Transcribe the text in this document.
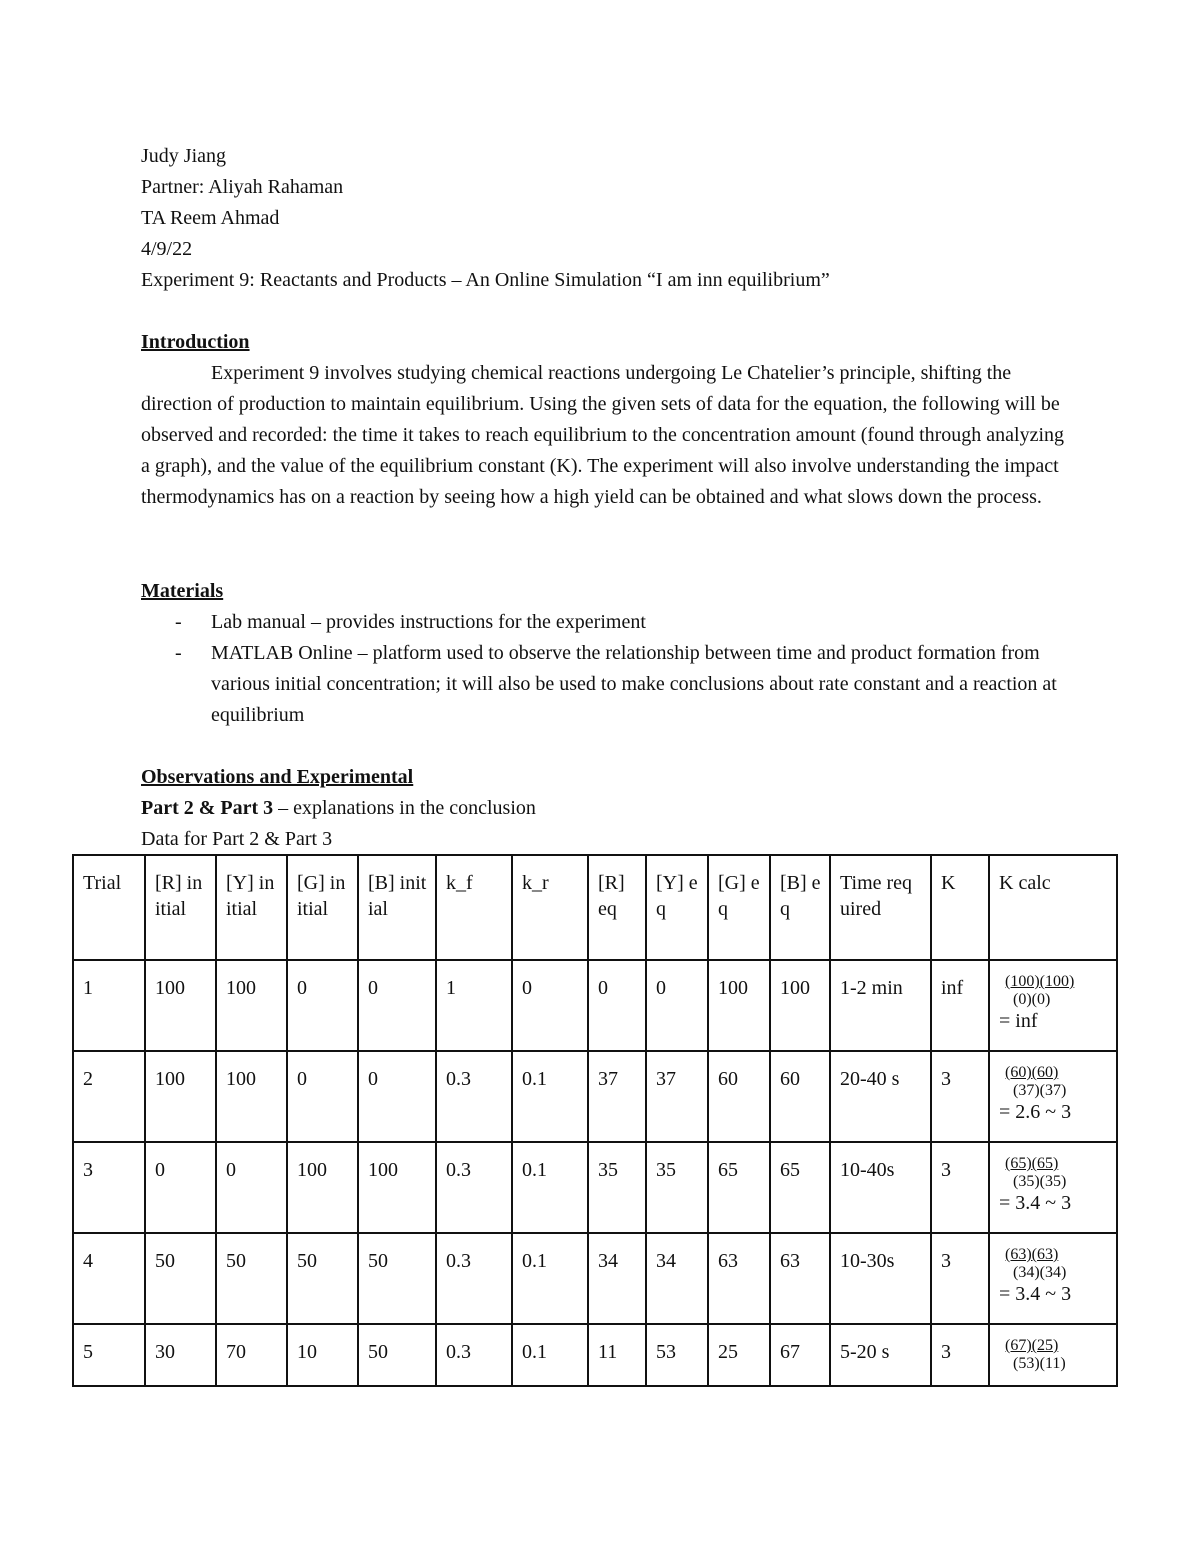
Judy Jiang
Partner: Aliyah Rahaman
TA Reem Ahmad
4/9/22
Experiment 9: Reactants and Products – An Online Simulation “I am inn equilibrium”
Introduction

Experiment 9 involves studying chemical reactions undergoing Le Chatelier’s principle, shifting the direction of production to maintain equilibrium. Using the given sets of data for the equation, the following will be observed and recorded: the time it takes to reach equilibrium to the concentration amount (found through analyzing a graph), and the value of the equilibrium constant (K). The experiment will also involve understanding the impact thermodynamics has on a reaction by seeing how a high yield can be obtained and what slows down the process.

Materials
- Lab manual – provides instructions for the experiment
- MATLAB Online – platform used to observe the relationship between time and product formation from various initial concentration; it will also be used to make conclusions about rate constant and a reaction at equilibrium
Observations and Experimental
Part 2 & Part 3 – explanations in the conclusion
Data for Part 2 & Part 3
Trial	[R] initial	[Y] initial	[G] initial	[B] initial	k_f	k_r	[R] eq	[Y] eq	[G] eq	[B] eq	Time required	K	K calc
1	100	100	0	0	1	0	0	0	100	100	1-2 min	inf	(100)(100)
(0)(0)
= inf

2	100	100	0	0	0.3	0.1	37	37	60	60	20-40 s	3	(60)(60)
(37)(37)
= 2.6 ~ 3

3	0	0	100	100	0.3	0.1	35	35	65	65	10-40s	3	(65)(65)
(35)(35)
= 3.4 ~ 3

4	50	50	50	50	0.3	0.1	34	34	63	63	10-30s	3	(63)(63)
(34)(34)
= 3.4 ~ 3

5	30	70	10	50	0.3	0.1	11	53	25	67	5-20 s	3	(67)(25)
(53)(11)
